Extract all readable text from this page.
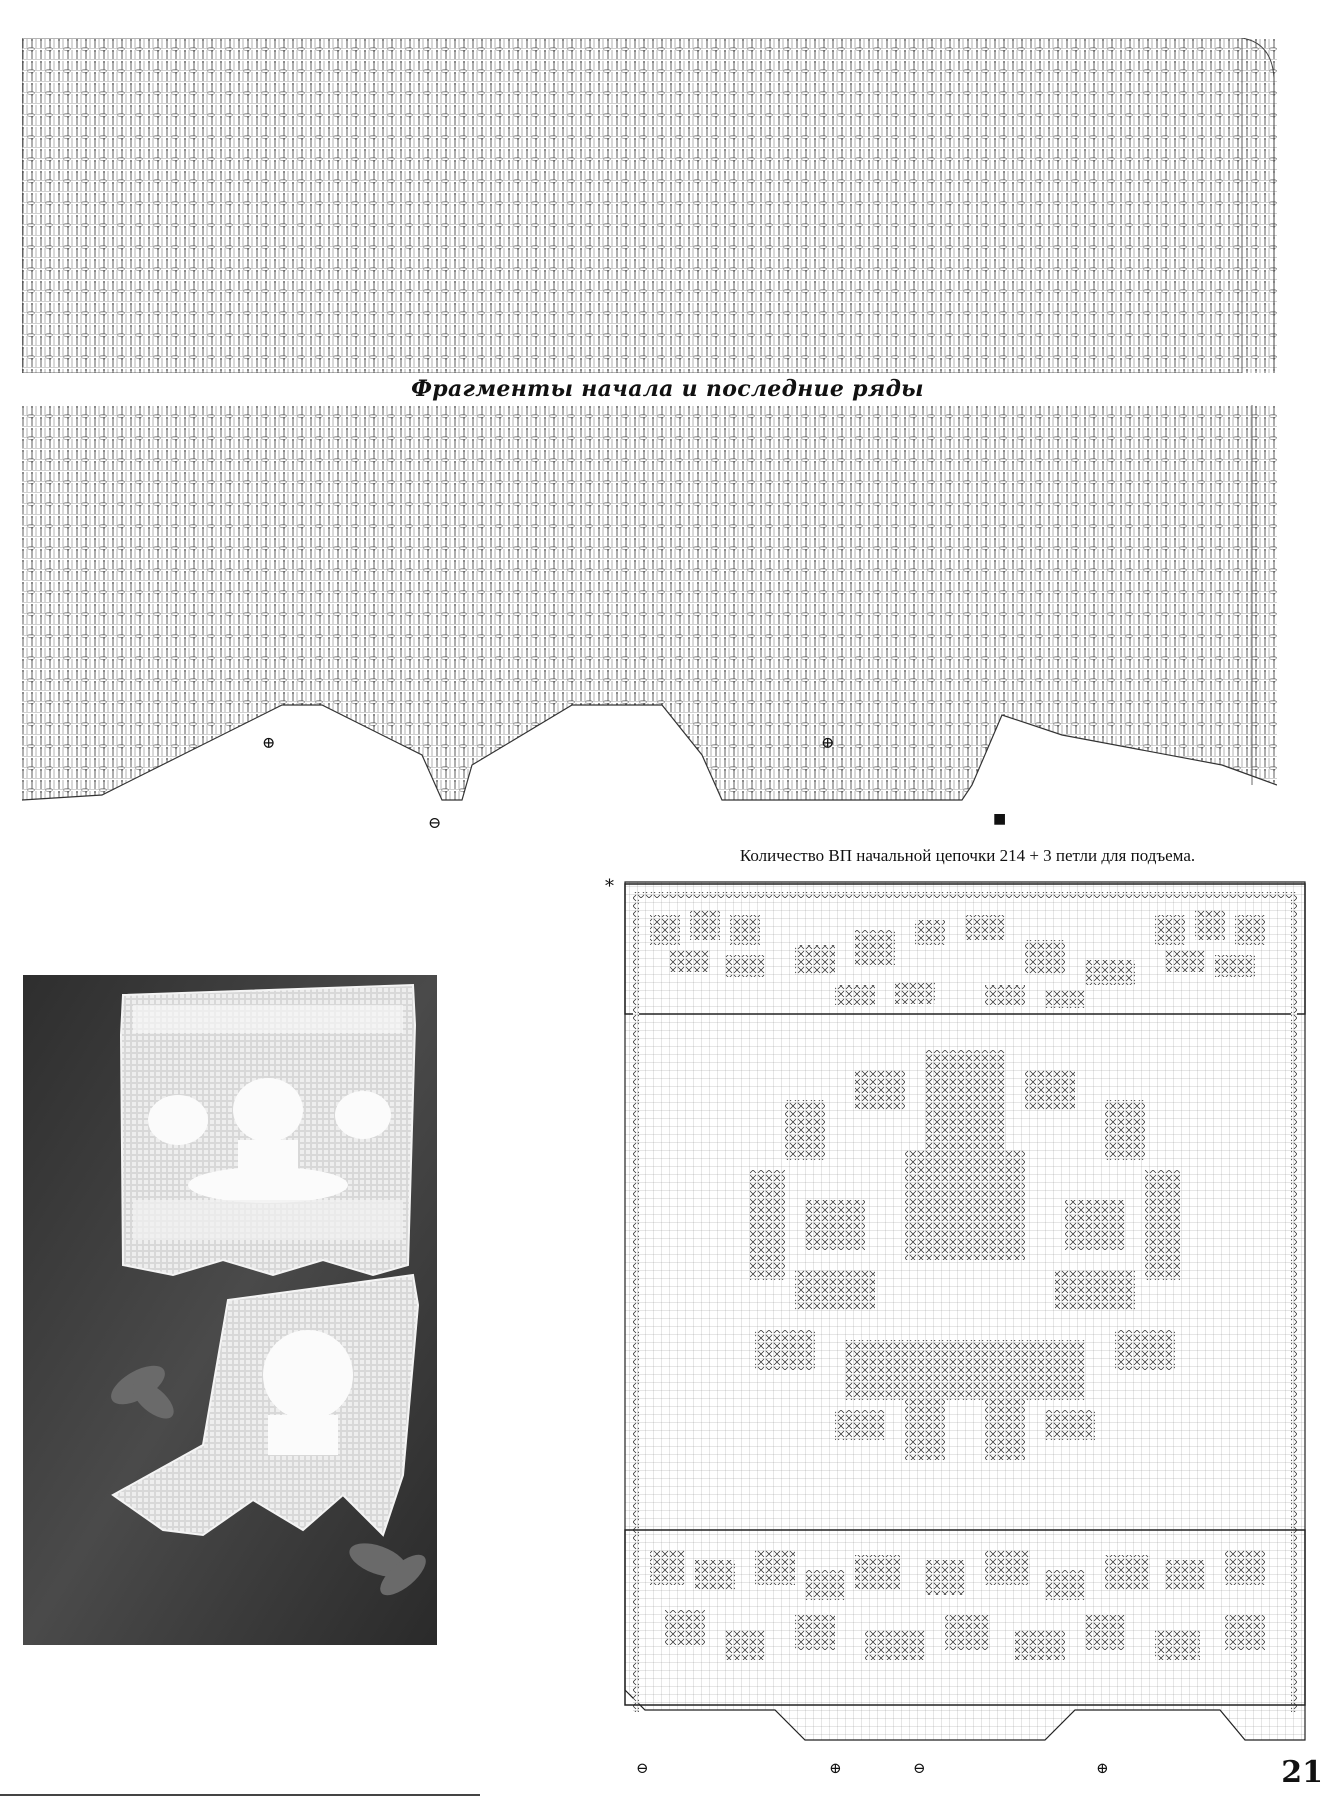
Фрагменты начала и последние ряды
⊕	⊕
⊖	■
Количество ВП начальной цепочки 214 + 3 петли для подъема.
*
⊖	⊕	⊖	⊕	21
